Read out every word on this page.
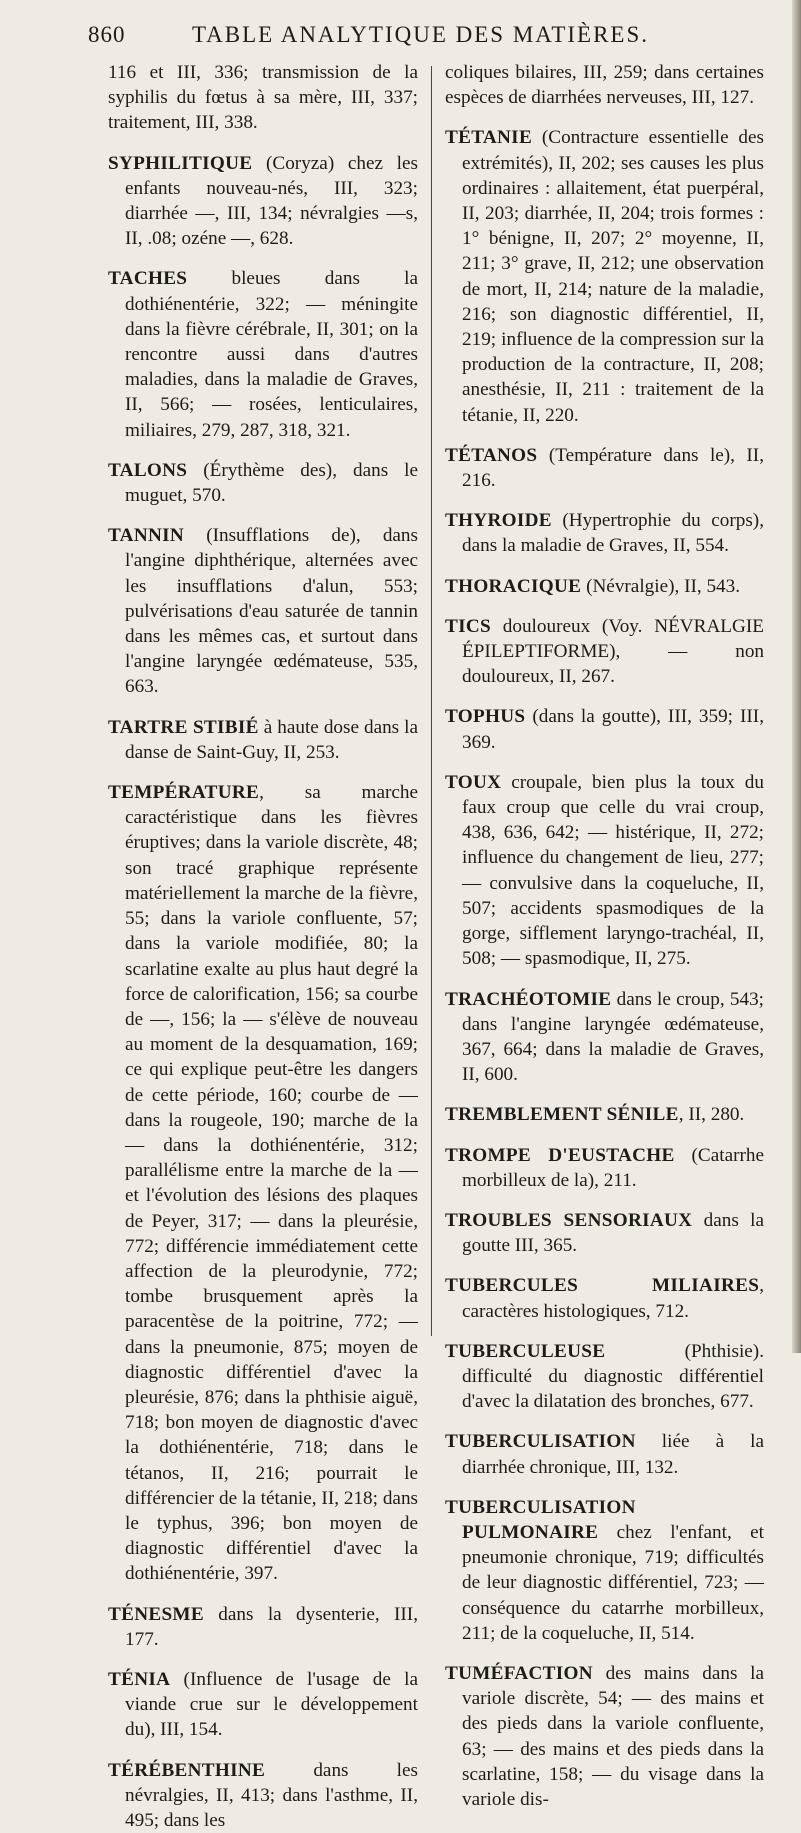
860	TABLE ANALYTIQUE DES MATIÈRES.

116 et III, 336; transmission de la syphilis du fœtus à sa mère, III, 337; traitement, III, 338.

SYPHILITIQUE (Coryza) chez les enfants nouveau-nés, III, 323; diarrhée —, III, 134; névralgies —s, II, .08; ozéne —, 628.

TACHES bleues dans la dothiénentérie, 322; — méningite dans la fièvre cérébrale, II, 301; on la rencontre aussi dans d'autres maladies, dans la maladie de Graves, II, 566; — rosées, lenticulaires, miliaires, 279, 287, 318, 321.

TALONS (Érythème des), dans le muguet, 570.

TANNIN (Insufflations de), dans l'angine diphthérique, alternées avec les insufflations d'alun, 553; pulvérisations d'eau saturée de tannin dans les mêmes cas, et surtout dans l'angine laryngée œdémateuse, 535, 663.

TARTRE STIBIÉ à haute dose dans la danse de Saint-Guy, II, 253.

TEMPÉRATURE, sa marche caractéristique dans les fièvres éruptives; dans la variole discrète, 48; son tracé graphique représente matériellement la marche de la fièvre, 55; dans la variole confluente, 57; dans la variole modifiée, 80; la scarlatine exalte au plus haut degré la force de calorification, 156; sa courbe de —, 156; la — s'élève de nouveau au moment de la desquamation, 169; ce qui explique peut-être les dangers de cette période, 160; courbe de — dans la rougeole, 190; marche de la — dans la dothiénentérie, 312; parallélisme entre la marche de la — et l'évolution des lésions des plaques de Peyer, 317; — dans la pleurésie, 772; différencie immédiatement cette affection de la pleurodynie, 772; tombe brusquement après la paracentèse de la poitrine, 772; — dans la pneumonie, 875; moyen de diagnostic différentiel d'avec la pleurésie, 876; dans la phthisie aiguë, 718; bon moyen de diagnostic d'avec la dothiénentérie, 718; dans le tétanos, II, 216; pourrait le différencier de la tétanie, II, 218; dans le typhus, 396; bon moyen de diagnostic différentiel d'avec la dothiénentérie, 397.

TÉNESME dans la dysenterie, III, 177.

TÉNIA (Influence de l'usage de la viande crue sur le développement du), III, 154.

TÉRÉBENTHINE dans les névralgies, II, 413; dans l'asthme, II, 495; dans les

coliques bilaires, III, 259; dans certaines espèces de diarrhées nerveuses, III, 127.

TÉTANIE (Contracture essentielle des extrémités), II, 202; ses causes les plus ordinaires : allaitement, état puerpéral, II, 203; diarrhée, II, 204; trois formes : 1° bénigne, II, 207; 2° moyenne, II, 211; 3° grave, II, 212; une observation de mort, II, 214; nature de la maladie, 216; son diagnostic différentiel, II, 219; influence de la compression sur la production de la contracture, II, 208; anesthésie, II, 211 : traitement de la tétanie, II, 220.

TÉTANOS (Température dans le), II, 216.

THYROIDE (Hypertrophie du corps), dans la maladie de Graves, II, 554.

THORACIQUE (Névralgie), II, 543.

TICS douloureux (Voy. NÉVRALGIE ÉPILEPTIFORME), — non douloureux, II, 267.

TOPHUS (dans la goutte), III, 359; III, 369.

TOUX croupale, bien plus la toux du faux croup que celle du vrai croup, 438, 636, 642; — histérique, II, 272; influence du changement de lieu, 277; — convulsive dans la coqueluche, II, 507; accidents spasmodiques de la gorge, sifflement laryngo-trachéal, II, 508; — spasmodique, II, 275.

TRACHÉOTOMIE dans le croup, 543; dans l'angine laryngée œdémateuse, 367, 664; dans la maladie de Graves, II, 600.

TREMBLEMENT SÉNILE, II, 280.

TROMPE D'EUSTACHE (Catarrhe morbilleux de la), 211.

TROUBLES SENSORIAUX dans la goutte III, 365.

TUBERCULES MILIAIRES, caractères histologiques, 712.

TUBERCULEUSE (Phthisie). difficulté du diagnostic différentiel d'avec la dilatation des bronches, 677.

TUBERCULISATION liée à la diarrhée chronique, III, 132.

TUBERCULISATION PULMONAIRE chez l'enfant, et pneumonie chronique, 719; difficultés de leur diagnostic différentiel, 723; — conséquence du catarrhe morbilleux, 211; de la coqueluche, II, 514.

TUMÉFACTION des mains dans la variole discrète, 54; — des mains et des pieds dans la variole confluente, 63; — des mains et des pieds dans la scarlatine, 158; — du visage dans la variole dis-
